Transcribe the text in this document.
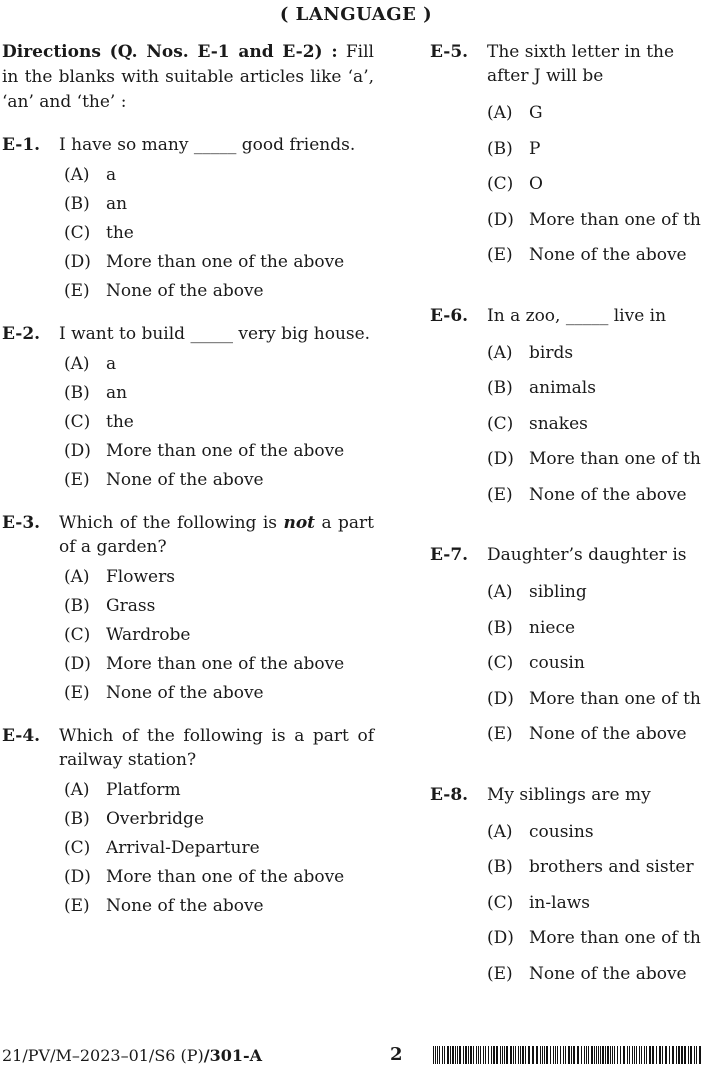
( LANGUAGE )

Directions (Q. Nos. E-1 and E-2) : Fill in the blanks with suitable articles like ‘a’, ‘an’ and ‘the’ :

E-1.	I have so many _____ good friends.
(A) a
(B) an
(C) the
(D) More than one of the above
(E) None of the above
E-2.	I want to build _____ very big house.
(A) a
(B) an
(C) the
(D) More than one of the above
(E) None of the above
E-3.	Which of the following is not a part of a garden?
(A) Flowers
(B) Grass
(C) Wardrobe
(D) More than one of the above
(E) None of the above
E-4.	Which of the following is a part of railway station?
(A) Platform
(B) Overbridge
(C) Arrival-Departure
(D) More than one of the above
(E) None of the above
E-5.	The sixth letter in the
after J will be
(A) G
(B) P
(C) O
(D) More than one of th
(E) None of the above
E-6.	In a zoo, _____ live in
(A) birds
(B) animals
(C) snakes
(D) More than one of th
(E) None of the above
E-7.	Daughter’s daughter is
(A) sibling
(B) niece
(C) cousin
(D) More than one of th
(E) None of the above
E-8.	My siblings are my
(A) cousins
(B) brothers and sister
(C) in-laws
(D) More than one of th
(E) None of the above
21/PV/M–2023–01/S6 (P)/301-A	2
